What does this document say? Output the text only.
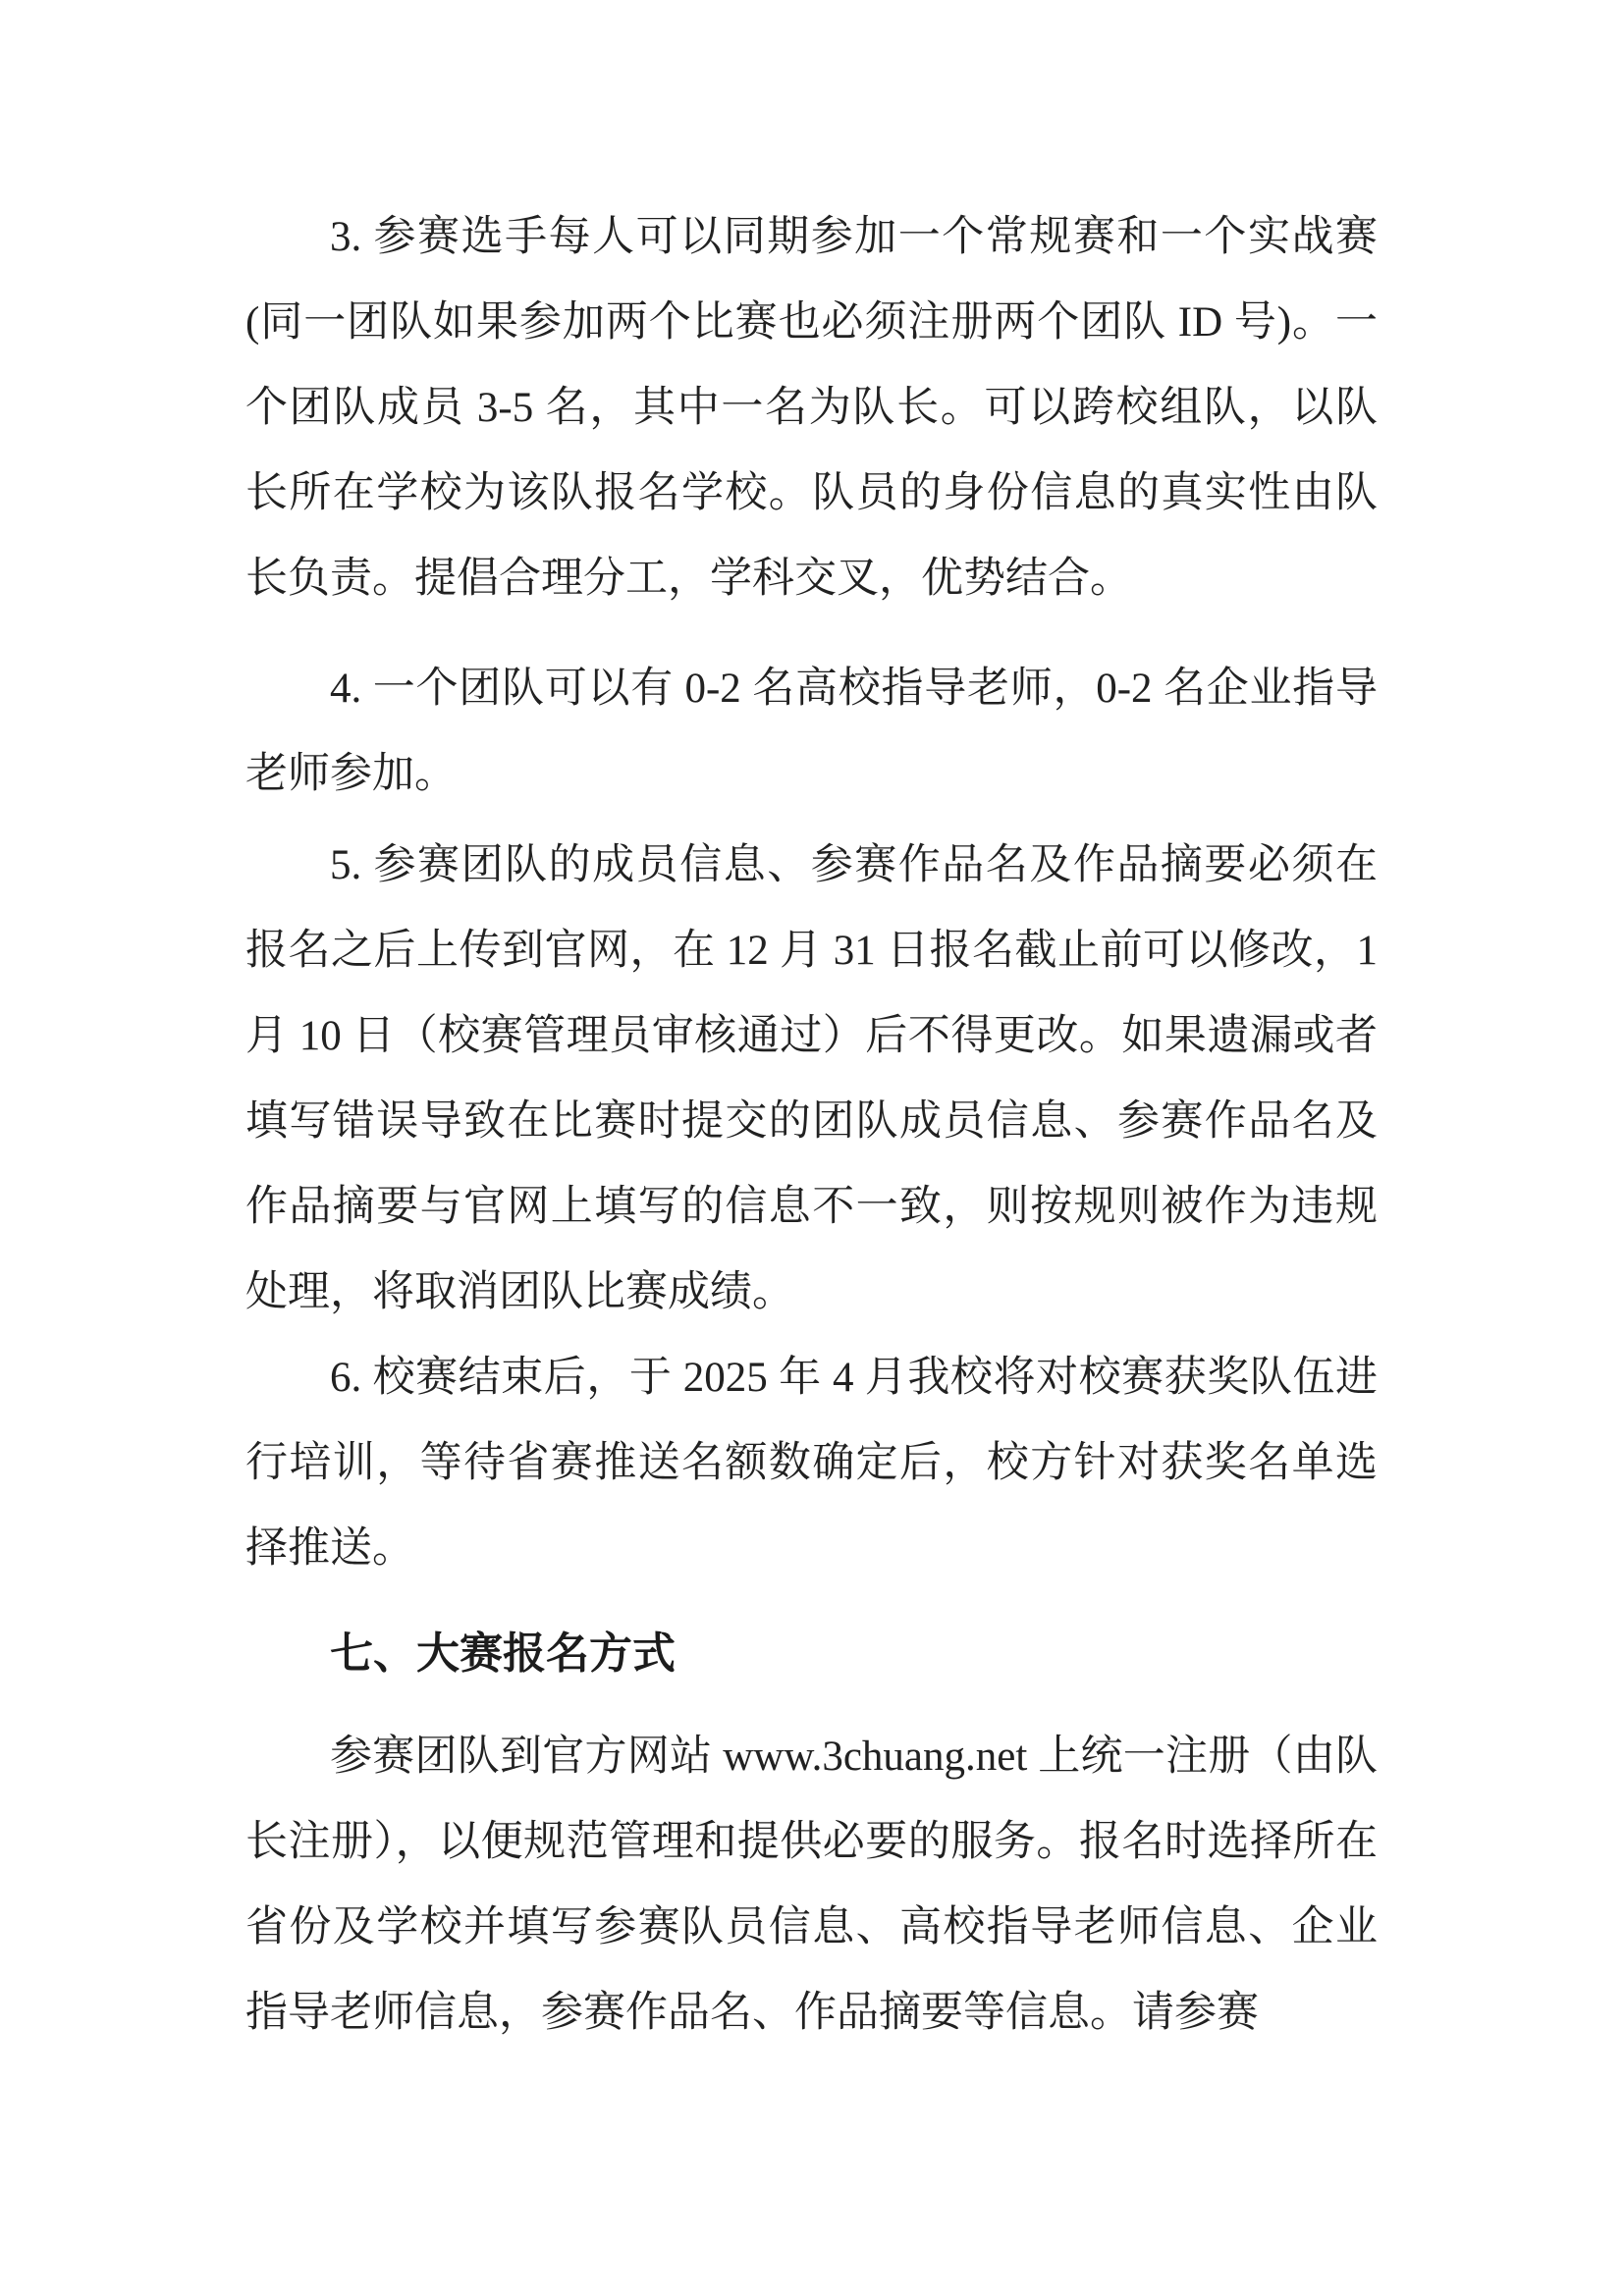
3. 参赛选手每人可以同期参加一个常规赛和一个实战赛(同一团队如果参加两个比赛也必须注册两个团队 ID 号)。一个团队成员 3-5 名，其中一名为队长。可以跨校组队，以队长所在学校为该队报名学校。队员的身份信息的真实性由队长负责。提倡合理分工，学科交叉，优势结合。

4. 一个团队可以有 0-2 名高校指导老师，0-2 名企业指导老师参加。

5. 参赛团队的成员信息、参赛作品名及作品摘要必须在报名之后上传到官网，在 12 月 31 日报名截止前可以修改，1 月 10 日（校赛管理员审核通过）后不得更改。如果遗漏或者填写错误导致在比赛时提交的团队成员信息、参赛作品名及作品摘要与官网上填写的信息不一致，则按规则被作为违规处理，将取消团队比赛成绩。

6. 校赛结束后，于 2025 年 4 月我校将对校赛获奖队伍进行培训，等待省赛推送名额数确定后，校方针对获奖名单选择推送。

七、大赛报名方式

参赛团队到官方网站 www.3chuang.net 上统一注册（由队长注册），以便规范管理和提供必要的服务。报名时选择所在省份及学校并填写参赛队员信息、高校指导老师信息、企业指导老师信息，参赛作品名、作品摘要等信息。请参赛
